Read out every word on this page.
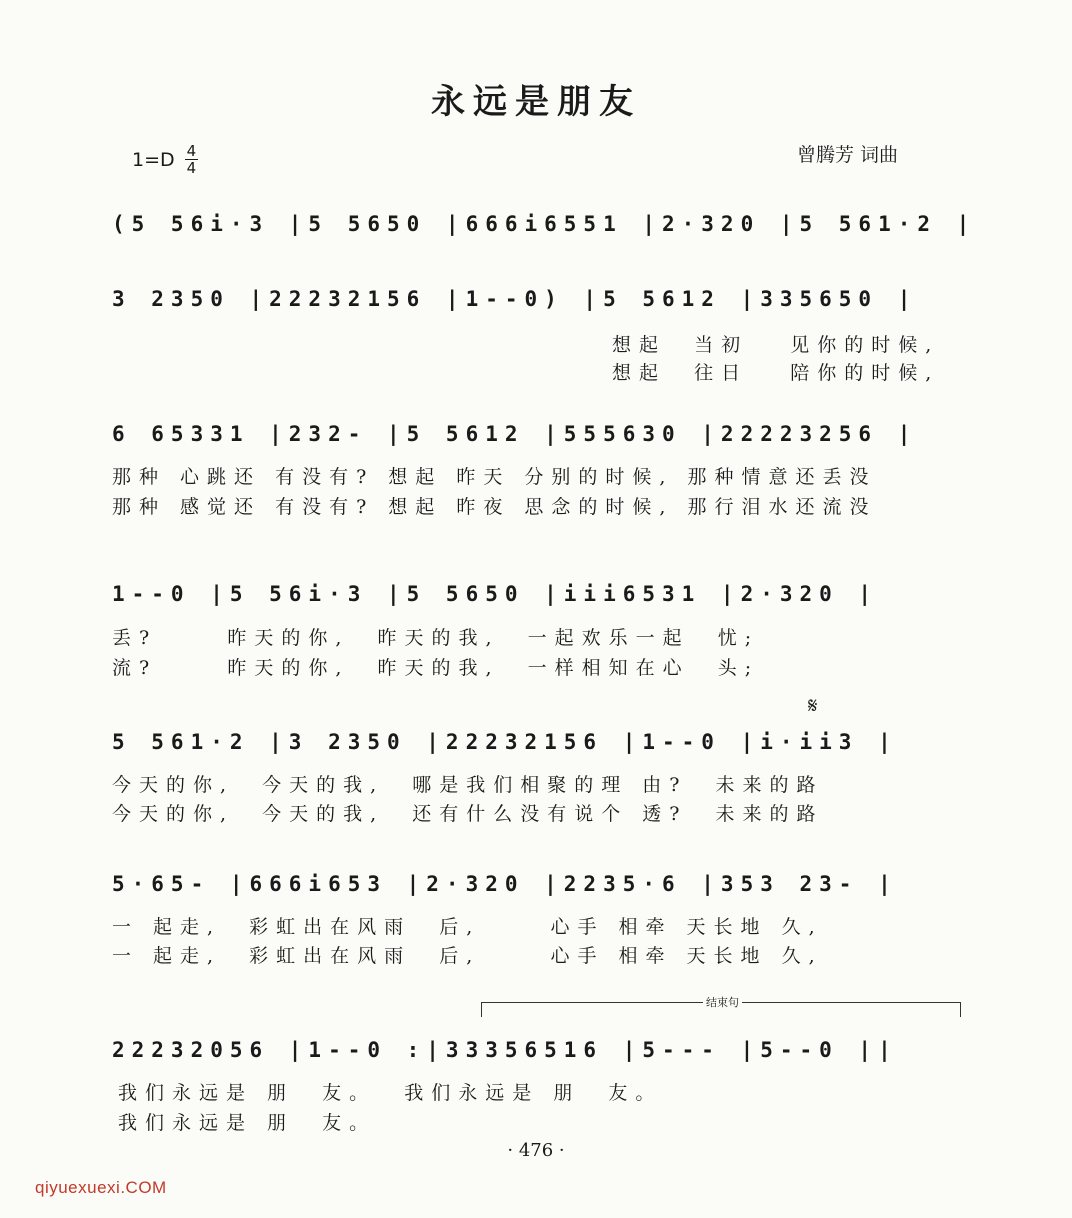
永远是朋友
$1=D \frac{4}{4}$	曾腾芳 词曲
(5 56i·3 |5 5650 |666i6551 |2·320 |5 561·2 |
3 2350 |22232156 |1--0) |5 5612 |335650 |
想起  当初   见你的时候,
想起  往日   陪你的时候,
6 65331 |232- |5 5612 |555630 |22223256 |
那种 心跳还 有没有? 想起 昨天 分别的时候, 那种情意还丢没
那种 感觉还 有没有? 想起 昨夜 思念的时候, 那行泪水还流没
1--0 |5 56i·3 |5 5650 |iii6531 |2·320 |
丢?     昨天的你,  昨天的我,  一起欢乐一起  忧;
流?     昨天的你,  昨天的我,  一样相知在心  头;
𝄋
5 561·2 |3 2350 |22232156 |1--0 |i·ii3 |
今天的你,  今天的我,  哪是我们相聚的理 由?  未来的路
今天的你,  今天的我,  还有什么没有说个 透?  未来的路
5·65- |666i653 |2·320 |2235·6 |353 23- |
一 起走,  彩虹出在风雨  后,     心手 相牵 天长地 久,
一 起走,  彩虹出在风雨  后,     心手 相牵 天长地 久,
结束句
22232056 |1--0 :|33356516 |5--- |5--0 ||
我们永远是 朋  友。  我们永远是 朋  友。
我们永远是 朋  友。
· 476 ·
qiyuexuexi.COM
